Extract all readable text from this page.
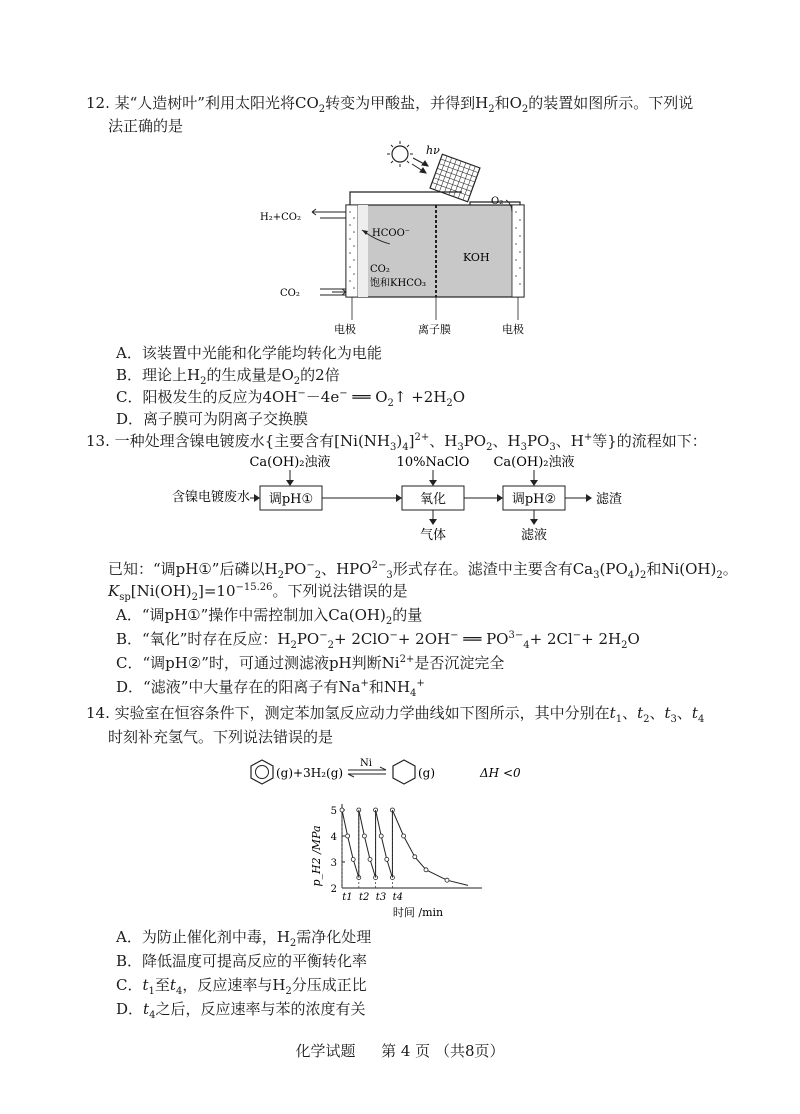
12. 某“人造树叶”利用太阳光将$CO_2$转变为甲酸盐，并得到$H_2$和$O_2$的装置如图所示。下列说
法正确的是
hν
H₂+CO₂
CO₂
HCOO⁻
CO₂
饱和KHCO₃
KOH
O₂
电极	离子膜	电极
A．该装置中光能和化学能均转化为电能
B．理论上$H_2$的生成量是$O_2$的2倍
C．阳极发生的反应为4OH−－4e− ══ $O_2↑ +2H_2O$
D．离子膜可为阴离子交换膜
13. 一种处理含镍电镀废水{主要含有$[Ni(NH_3)_4]^{2+}$、$H_3PO_2$、$H_3PO_3$、H+等}的流程如下：
Ca(OH)₂浊液	10%NaClO Ca(OH)₂浊液
含镍电镀废水 调pH①	氧化	调pH②	滤渣
气体	滤液
已知：“调pH①”后磷以$H_2PO^-_2$、$HPO^{2-}_3$形式存在。滤渣中主要含有$Ca_3(PO_4)_2$和$Ni(OH)_2$。
$K_{sp}[Ni(OH)_2]=10^{-15.26}$。下列说法错误的是
A．“调pH①”操作中需控制加入$Ca(OH)_2$的量
B．“氧化”时存在反应：$H_2PO^-_2+ 2ClO^-+ 2OH^-$ ══ $PO^{3-}_4+ 2Cl^-+ 2H_2O$
C．“调pH②”时，可通过测滤液pH判断$Ni^{2+}$是否沉淀完全
D．“滤液”中大量存在的阳离子有Na+和$NH_4^+$
14. 实验室在恒容条件下，测定苯加氢反应动力学曲线如下图所示，其中分别在$t_1$、$t_2$、$t_3$、$t_4$
时刻补充氢气。下列说法错误的是
(g)+3H₂(g)
Ni
(g)	ΔH <0
2
3
4
5
t1 t2 t3 t4
p_H2 /MPa
时间 /min
A．为防止催化剂中毒，$H_2$需净化处理
B．降低温度可提高反应的平衡转化率
C．$t_1$至$t_4$，反应速率与$H_2$分压成正比
D．$t_4$之后，反应速率与苯的浓度有关
化学试题 第 4 页 （共8页）
